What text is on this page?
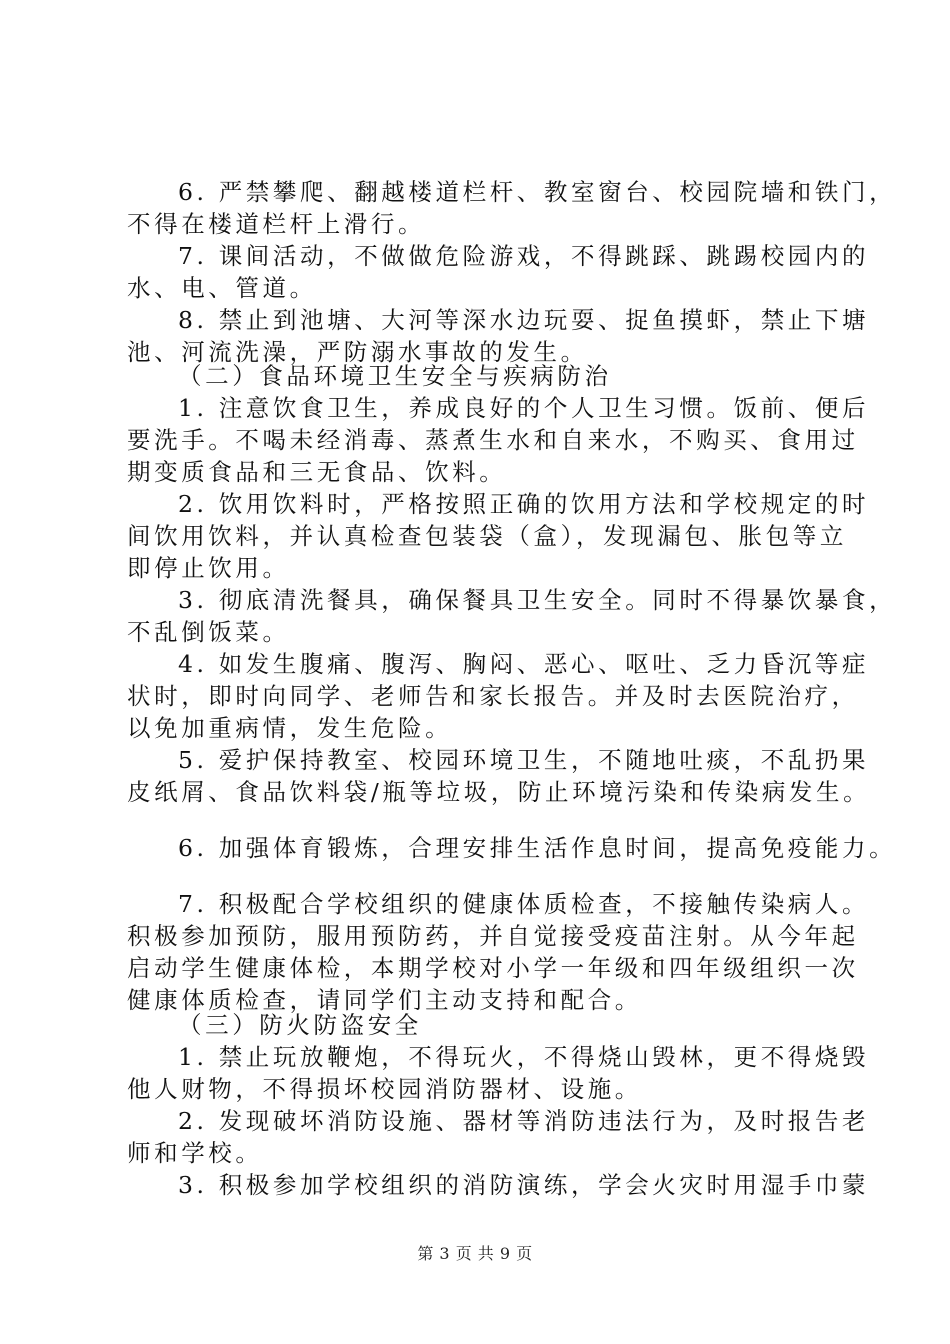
6. 严禁攀爬、翻越楼道栏杆、教室窗台、校园院墙和铁门，
不得在楼道栏杆上滑行。
7. 课间活动，不做做危险游戏，不得跳踩、跳踢校园内的
水、电、管道。
8. 禁止到池塘、大河等深水边玩耍、捉鱼摸虾，禁止下塘
池、河流洗澡，严防溺水事故的发生。
（二）食品环境卫生安全与疾病防治
1. 注意饮食卫生，养成良好的个人卫生习惯。饭前、便后
要洗手。不喝未经消毒、蒸煮生水和自来水，不购买、食用过
期变质食品和三无食品、饮料。
2. 饮用饮料时，严格按照正确的饮用方法和学校规定的时
间饮用饮料，并认真检查包装袋（盒），发现漏包、胀包等立
即停止饮用。
3. 彻底清洗餐具，确保餐具卫生安全。同时不得暴饮暴食，
不乱倒饭菜。
4. 如发生腹痛、腹泻、胸闷、恶心、呕吐、乏力昏沉等症
状时，即时向同学、老师告和家长报告。并及时去医院治疗，
以免加重病情，发生危险。
5. 爱护保持教室、校园环境卫生，不随地吐痰，不乱扔果
皮纸屑、食品饮料袋/瓶等垃圾，防止环境污染和传染病发生。
6. 加强体育锻炼，合理安排生活作息时间，提高免疫能力。
7. 积极配合学校组织的健康体质检查，不接触传染病人。
积极参加预防，服用预防药，并自觉接受疫苗注射。从今年起
启动学生健康体检，本期学校对小学一年级和四年级组织一次
健康体质检查，请同学们主动支持和配合。
（三）防火防盗安全
1. 禁止玩放鞭炮，不得玩火，不得烧山毁林，更不得烧毁
他人财物，不得损坏校园消防器材、设施。
2. 发现破坏消防设施、器材等消防违法行为，及时报告老
师和学校。
3. 积极参加学校组织的消防演练，学会火灾时用湿手巾蒙
第 3 页 共 9 页
